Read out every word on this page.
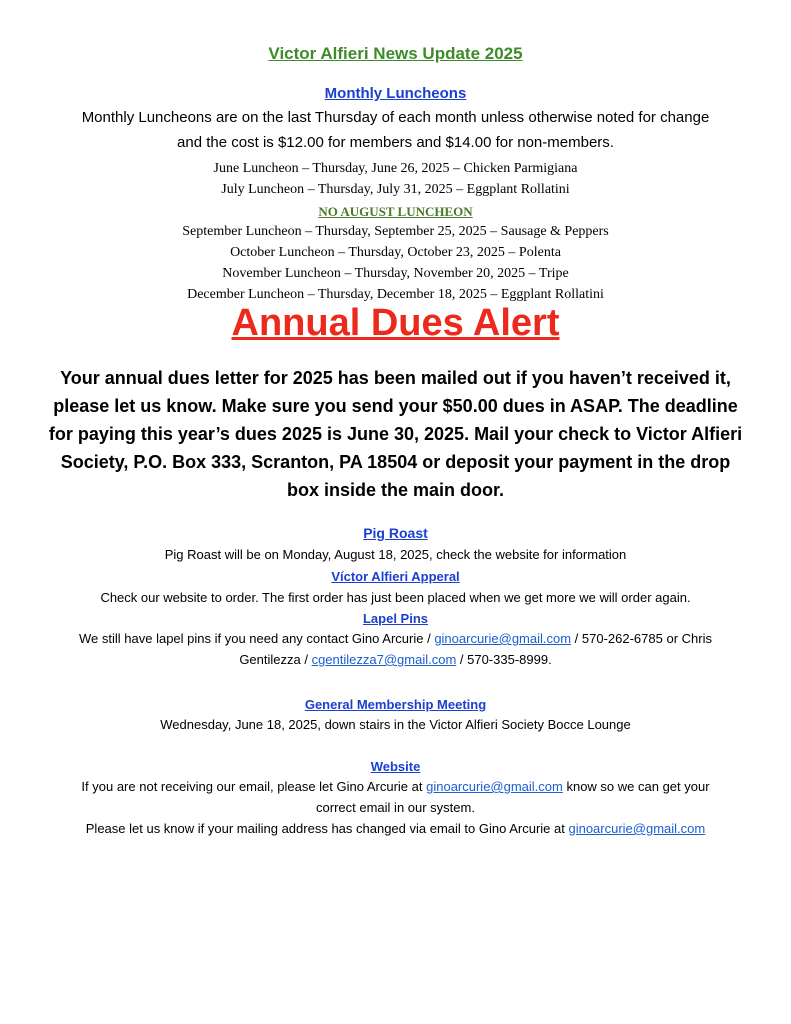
Victor Alfieri News Update 2025
Monthly Luncheons
Monthly Luncheons are on the last Thursday of each month unless otherwise noted for change
and the cost is $12.00 for members and $14.00 for non-members.
June Luncheon – Thursday, June 26, 2025 – Chicken Parmigiana
July Luncheon – Thursday, July 31, 2025 – Eggplant Rollatini
NO AUGUST LUNCHEON
September Luncheon – Thursday, September 25, 2025 – Sausage & Peppers
October Luncheon – Thursday, October 23, 2025 – Polenta
November Luncheon – Thursday, November 20, 2025 – Tripe
December Luncheon – Thursday, December 18, 2025 – Eggplant Rollatini
Annual Dues Alert
Your annual dues letter for 2025 has been mailed out if you haven’t received it,
please let us know. Make sure you send your $50.00 dues in ASAP. The deadline
for paying this year’s dues 2025 is June 30, 2025. Mail your check to Victor Alfieri
Society, P.O. Box 333, Scranton, PA 18504 or deposit your payment in the drop
box inside the main door.
Pig Roast
Pig Roast will be on Monday, August 18, 2025, check the website for information
Víctor Alfieri Apperal
Check our website to order. The first order has just been placed when we get more we will order again.
Lapel Pins
We still have lapel pins if you need any contact Gino Arcurie / ginoarcurie@gmail.com / 570-262-6785 or Chris
Gentilezza / cgentilezza7@gmail.com / 570-335-8999.
General Membership Meeting
Wednesday, June 18, 2025, down stairs in the Victor Alfieri Society Bocce Lounge
Website
If you are not receiving our email, please let Gino Arcurie at ginoarcurie@gmail.com know so we can get your
correct email in our system.
Please let us know if your mailing address has changed via email to Gino Arcurie at ginoarcurie@gmail.com
